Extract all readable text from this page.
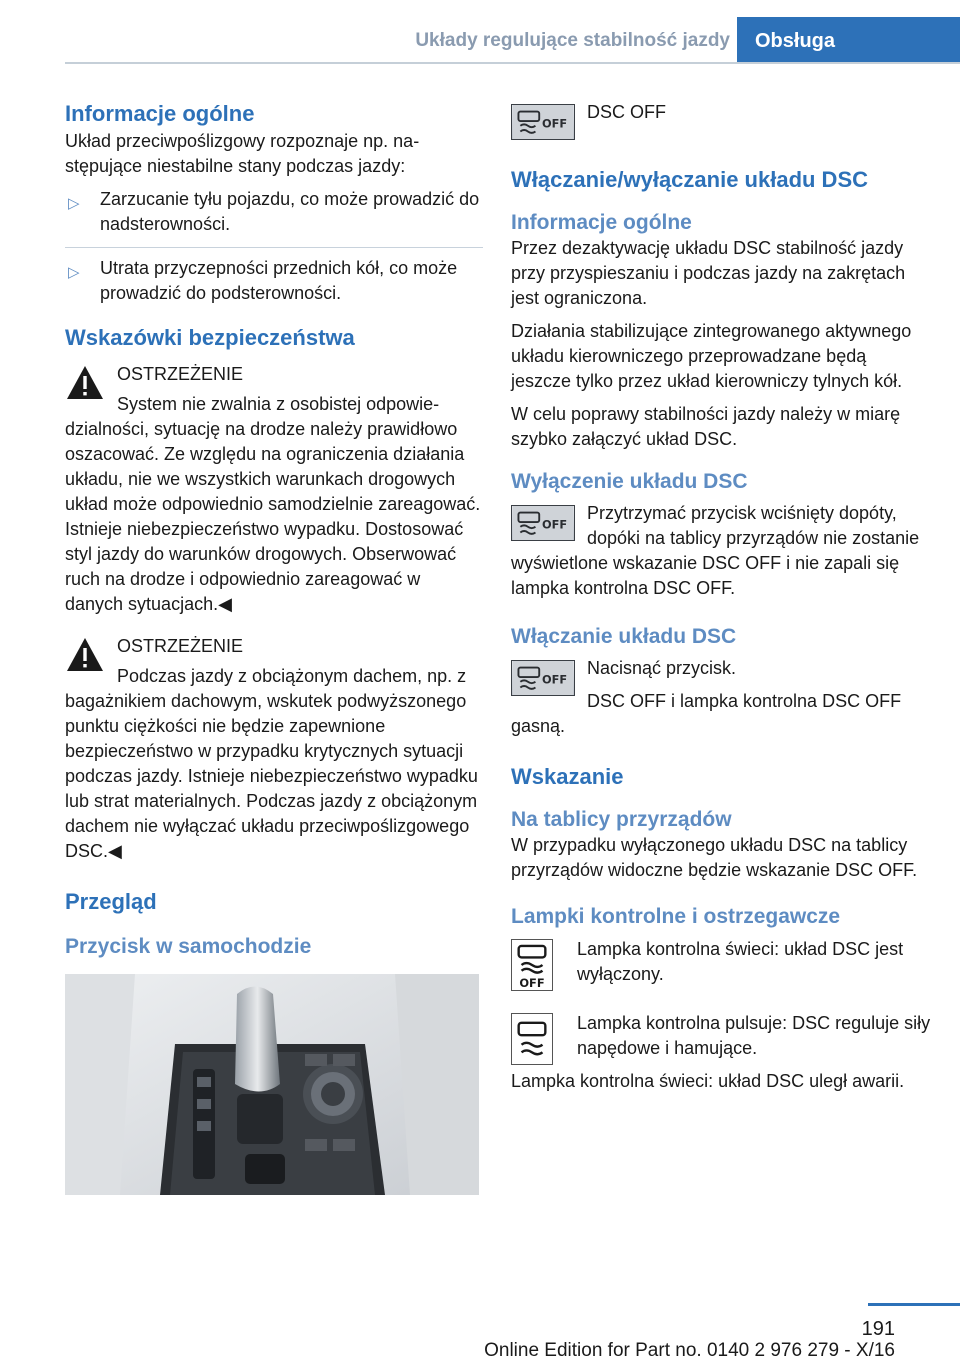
Układy regulujące stabilność jazdy	Obsługa
Informacje ogólne

Układ przeciwpoślizgowy rozpoznaje np. następujące niestabilne stany podczas jazdy:

▷ Zarzucanie tyłu pojazdu, co może prowadzić do nadsterowności.
▷ Utrata przyczepności przednich kół, co może prowadzić do podsterowności.
Wskazówki bezpieczeństwa

OSTRZEŻENIE

System nie zwalnia z osobistej odpowiedzialności, sytuację na drodze należy prawidłowo oszacować. Ze względu na ograniczenia działania układu, nie we wszystkich warunkach drogowych układ może odpowiednio samodzielnie zareagować. Istnieje niebezpieczeństwo wypadku. Dostosować styl jazdy do warunków drogowych. Obserwować ruch na drodze i odpowiednio zareagować w danych sytuacjach.◀

OSTRZEŻENIE

Podczas jazdy z obciążonym dachem, np. z bagażnikiem dachowym, wskutek podwyższonego punktu ciężkości nie będzie zapewnione bezpieczeństwo w przypadku krytycznych sytuacji podczas jazdy. Istnieje niebezpieczeństwo wypadku lub strat materialnych. Podczas jazdy z obciążonym dachem nie wyłączać układu przeciwpoślizgowego DSC.◀

Przegląd
Przycisk w samochodzie
OFF

DSC OFF

Włączanie/wyłączanie układu DSC
Informacje ogólne

Przez dezaktywację układu DSC stabilność jazdy przy przyspieszaniu i podczas jazdy na zakrętach jest ograniczona.

Działania stabilizujące zintegrowanego aktywnego układu kierowniczego przeprowadzane będą jeszcze tylko przez układ kierowniczy tylnych kół.

W celu poprawy stabilności jazdy należy w miarę szybko załączyć układ DSC.

Wyłączenie układu DSC
OFF

Przytrzymać przycisk wciśnięty dopóty, dopóki na tablicy przyrządów nie zostanie wyświetlone wskazanie DSC OFF i nie zapali się lampka kontrolna DSC OFF.

Włączanie układu DSC
OFF

Nacisnąć przycisk.

DSC OFF i lampka kontrolna DSC OFF gasną.

Wskazanie
Na tablicy przyrządów

W przypadku wyłączonego układu DSC na tablicy przyrządów widoczne będzie wskazanie DSC OFF.

Lampki kontrolne i ostrzegawcze
OFF

Lampka kontrolna świeci: układ DSC jest wyłączony.

Lampka kontrolna pulsuje: DSC reguluje siły napędowe i hamujące.

Lampka kontrolna świeci: układ DSC uległ awarii.

191
Online Edition for Part no. 0140 2 976 279 - X/16
